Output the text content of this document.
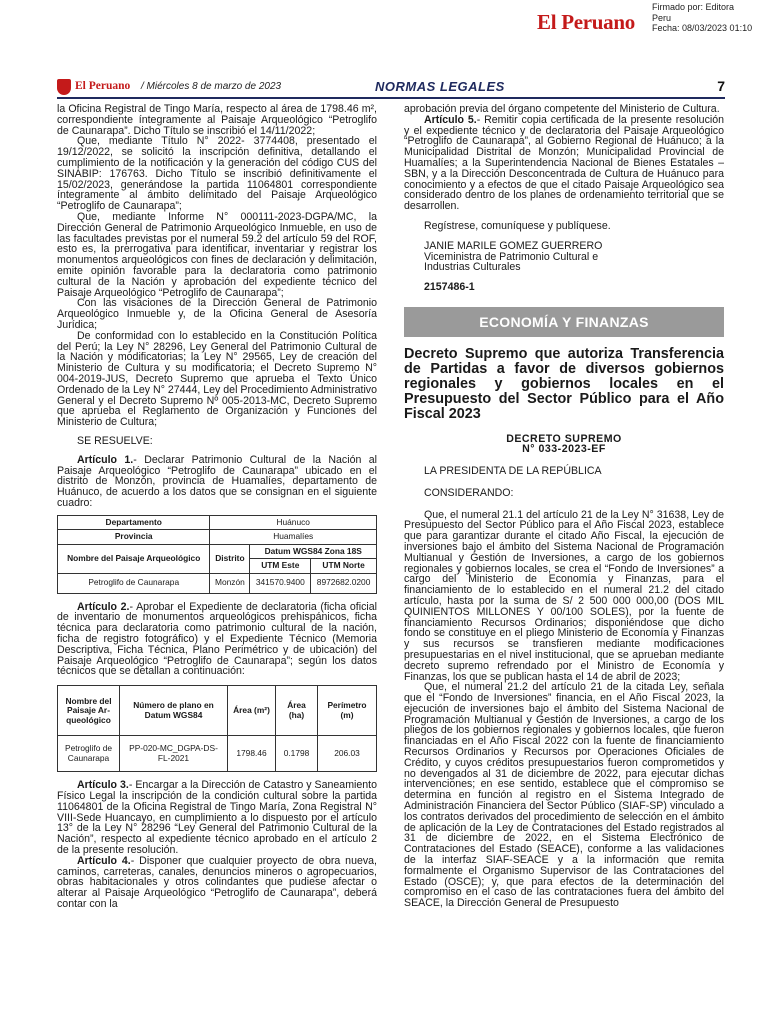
El Peruano
Firmado por: Editora
Peru
Fecha: 08/03/2023 01:10
El Peruano / Miércoles 8 de marzo de 2023	NORMAS LEGALES	7

la Oficina Registral de Tingo María, respecto al área de 1798.46 m², correspondiente íntegramente al Paisaje Arqueológico “Petroglifo de Caunarapa”. Dicho Título se inscribió el 14/11/2022;

Que, mediante Título N° 2022- 3774408, presentado el 19/12/2022, se solicitó la inscripción definitiva, detallando el cumplimiento de la notificación y la generación del código CUS del SINABIP: 176763. Dicho Título se inscribió definitivamente el 15/02/2023, generándose la partida 11064801 correspondiente íntegramente al ámbito delimitado del Paisaje Arqueológico “Petroglifo de Caunarapa”;

Que, mediante Informe N° 000111-2023-DGPA/MC, la Dirección General de Patrimonio Arqueológico Inmueble, en uso de las facultades previstas por el numeral 59.2 del artículo 59 del ROF, esto es, la prerrogativa para identificar, inventariar y registrar los monumentos arqueológicos con fines de declaración y delimitación, emite opinión favorable para la declaratoria como patrimonio cultural de la Nación y aprobación del expediente técnico del Paisaje Arqueológico “Petroglifo de Caunarapa”;

Con las visaciones de la Dirección General de Patrimonio Arqueológico Inmueble y, de la Oficina General de Asesoría Jurídica;

De conformidad con lo establecido en la Constitución Política del Perú; la Ley N° 28296, Ley General del Patrimonio Cultural de la Nación y modificatorias; la Ley N° 29565, Ley de creación del Ministerio de Cultura y su modificatoria; el Decreto Supremo N° 004-2019-JUS, Decreto Supremo que aprueba el Texto Único Ordenado de la Ley N° 27444, Ley del Procedimiento Administrativo General y el Decreto Supremo Nº 005-2013-MC, Decreto Supremo que aprueba el Reglamento de Organización y Funciones del Ministerio de Cultura;

SE RESUELVE:

Artículo 1.- Declarar Patrimonio Cultural de la Nación al Paisaje Arqueológico “Petroglifo de Caunarapa” ubicado en el distrito de Monzón, provincia de Huamalíes, departamento de Huánuco, de acuerdo a los datos que se consignan en el siguiente cuadro:

Departamento	Huánuco		
Provincia	Huamalíes		
Nombre del Paisaje Arqueológico	Distrito	Datum WGS84 Zona 18S	
		UTM Este	UTM Norte
Petroglifo de Caunarapa	Monzón	341570.9400	8972682.0200

Artículo 2.- Aprobar el Expediente de declaratoria (ficha oficial de inventario de monumentos arqueológicos prehispánicos, ficha técnica para declaratoria como patrimonio cultural de la nación, ficha de registro fotográfico) y el Expediente Técnico (Memoria Descriptiva, Ficha Técnica, Plano Perimétrico y de ubicación) del Paisaje Arqueológico “Petroglifo de Caunarapa”; según los datos técnicos que se detallan a continuación:

Nombre del Paisaje Ar-queológico	Número de plano en Datum WGS84	Área (m²)	Área (ha)	Perímetro (m)
Petroglifo de Caunarapa	PP-020-MC_DGPA-DS-FL-2021	1798.46	0.1798	206.03

Artículo 3.- Encargar a la Dirección de Catastro y Saneamiento Físico Legal la inscripción de la condición cultural sobre la partida 11064801 de la Oficina Registral de Tingo María, Zona Registral N° VIII-Sede Huancayo, en cumplimiento a lo dispuesto por el artículo 13° de la Ley N° 28296 “Ley General del Patrimonio Cultural de la Nación”, respecto al expediente técnico aprobado en el artículo 2 de la presente resolución.

Artículo 4.- Disponer que cualquier proyecto de obra nueva, caminos, carreteras, canales, denuncios mineros o agropecuarios, obras habitacionales y otros colindantes que pudiese afectar o alterar al Paisaje Arqueológico “Petroglifo de Caunarapa”, deberá contar con la

aprobación previa del órgano competente del Ministerio de Cultura.

Artículo 5.- Remitir copia certificada de la presente resolución y el expediente técnico y de declaratoria del Paisaje Arqueológico “Petroglifo de Caunarapa”, al Gobierno Regional de Huánuco; a la Municipalidad Distrital de Monzón; Municipalidad Provincial de Huamalíes; a la Superintendencia Nacional de Bienes Estatales – SBN, y a la Dirección Desconcentrada de Cultura de Huánuco para conocimiento y a efectos de que el citado Paisaje Arqueológico sea considerado dentro de los planes de ordenamiento territorial que se desarrollen.

Regístrese, comuníquese y publíquese.

JANIE MARILE GOMEZ GUERRERO

Viceministra de Patrimonio Cultural e

Industrias Culturales

2157486-1

ECONOMÍA Y FINANZAS
Decreto Supremo que autoriza Transferencia de Partidas a favor de diversos gobiernos regionales y gobiernos locales en el Presupuesto del Sector Público para el Año Fiscal 2023

DECRETO SUPREMO

N° 033-2023-EF

LA PRESIDENTA DE LA REPÚBLICA

CONSIDERANDO:

Que, el numeral 21.1 del artículo 21 de la Ley N° 31638, Ley de Presupuesto del Sector Público para el Año Fiscal 2023, establece que para garantizar durante el citado Año Fiscal, la ejecución de inversiones bajo el ámbito del Sistema Nacional de Programación Multianual y Gestión de Inversiones, a cargo de los gobiernos regionales y gobiernos locales, se crea el “Fondo de Inversiones” a cargo del Ministerio de Economía y Finanzas, para el financiamiento de lo establecido en el numeral 21.2 del citado artículo, hasta por la suma de S/ 2 500 000 000,00 (DOS MIL QUINIENTOS MILLONES Y 00/100 SOLES), por la fuente de financiamiento Recursos Ordinarios; disponiéndose que dicho fondo se constituye en el pliego Ministerio de Economía y Finanzas y sus recursos se transfieren mediante modificaciones presupuestarias en el nivel institucional, que se aprueban mediante decreto supremo refrendado por el Ministro de Economía y Finanzas, los que se publican hasta el 14 de abril de 2023;

Que, el numeral 21.2 del artículo 21 de la citada Ley, señala que el “Fondo de Inversiones” financia, en el Año Fiscal 2023, la ejecución de inversiones bajo el ámbito del Sistema Nacional de Programación Multianual y Gestión de Inversiones, a cargo de los pliegos de los gobiernos regionales y gobiernos locales, que fueron financiadas en el Año Fiscal 2022 con la fuente de financiamiento Recursos Ordinarios y Recursos por Operaciones Oficiales de Crédito, y cuyos créditos presupuestarios fueron comprometidos y no devengados al 31 de diciembre de 2022, para ejecutar dichas intervenciones; en ese sentido, establece que el compromiso se determina en función al registro en el Sistema Integrado de Administración Financiera del Sector Público (SIAF-SP) vinculado a los contratos derivados del procedimiento de selección en el ámbito de aplicación de la Ley de Contrataciones del Estado registrados al 31 de diciembre de 2022, en el Sistema Electrónico de Contrataciones del Estado (SEACE), conforme a las validaciones de la interfaz SIAF-SEACE y a la información que remita formalmente el Organismo Supervisor de las Contrataciones del Estado (OSCE); y, que para efectos de la determinación del compromiso en el caso de las contrataciones fuera del ámbito del SEACE, la Dirección General de Presupuesto
